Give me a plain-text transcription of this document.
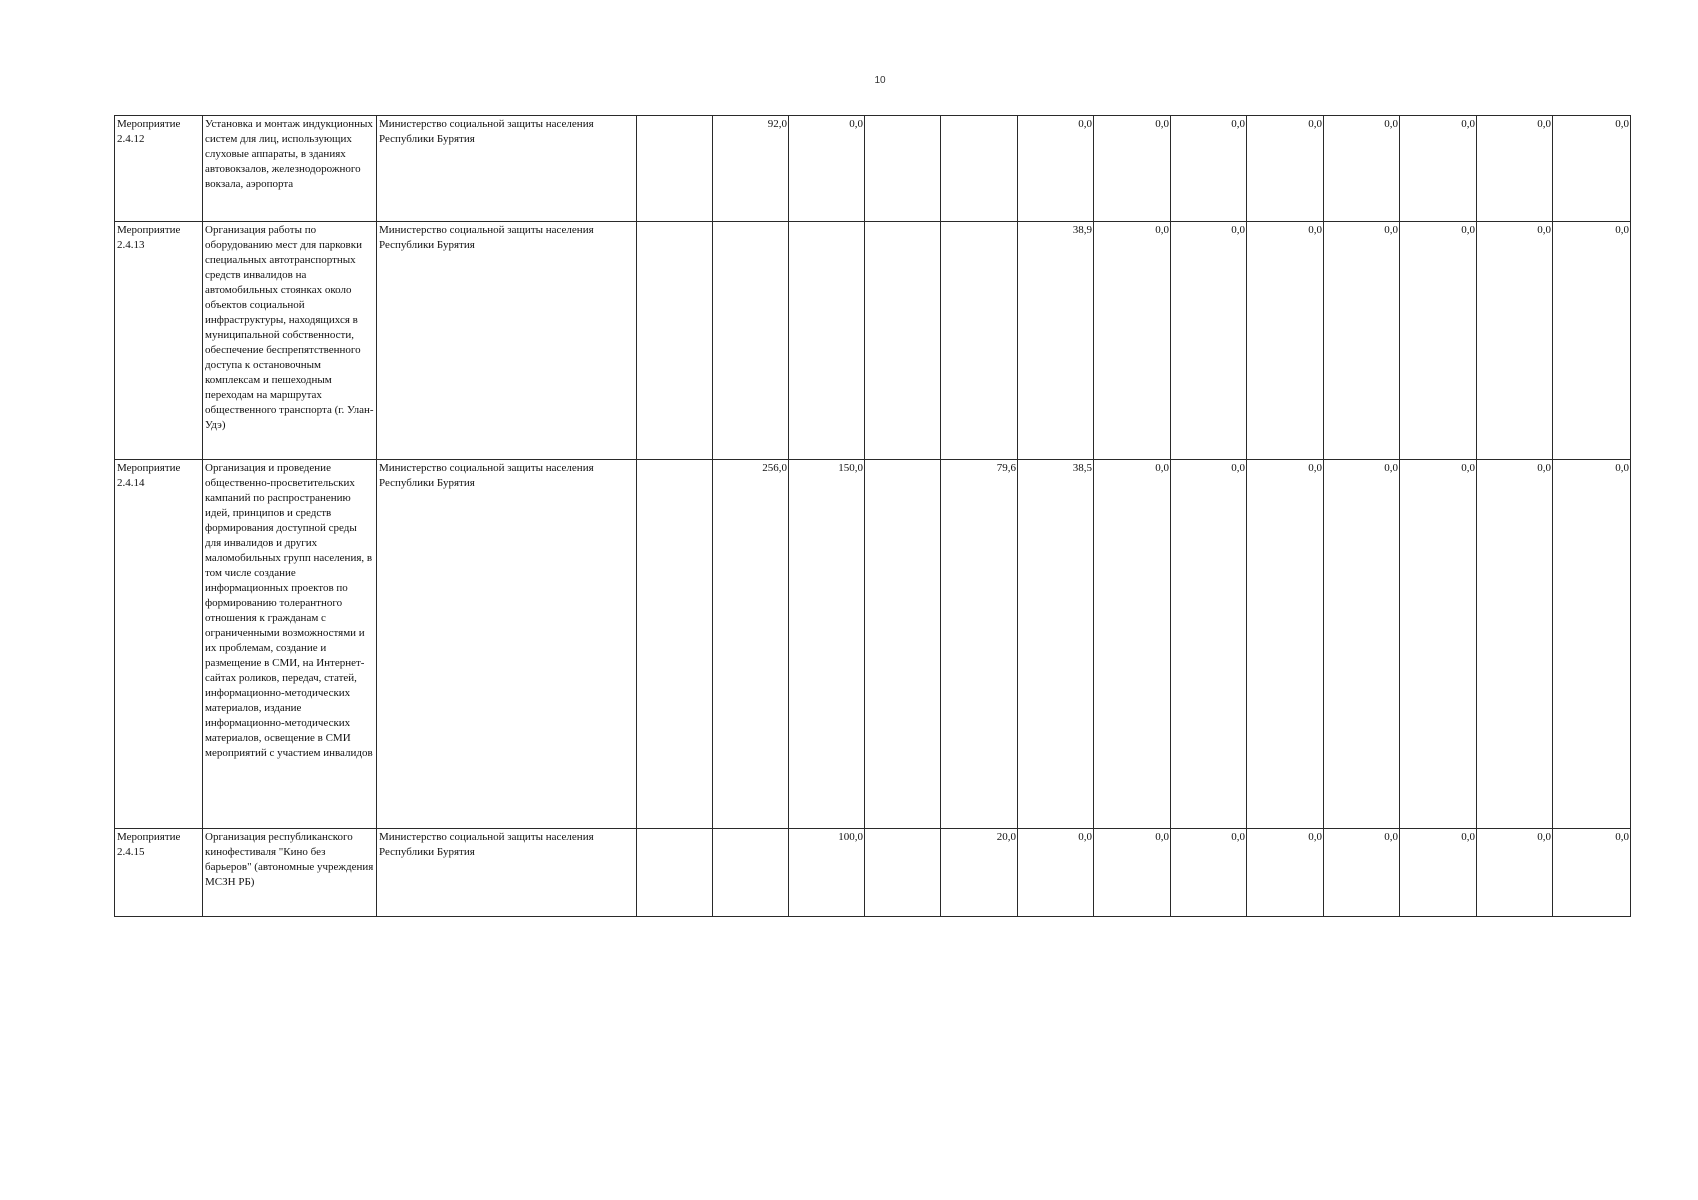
10
Мероприятие 2.4.12	Установка и монтаж индукционных систем для лиц, использующих слуховые аппараты, в зданиях автовокзалов, железнодорожного вокзала, аэропорта	Министерство социальной защиты населения Республики Бурятия		92,0	0,0			0,0	0,0	0,0	0,0	0,0	0,0	0,0	0,0
Мероприятие 2.4.13	Организация работы по оборудованию мест для парковки специальных автотранспортных средств инвалидов на автомобильных стоянках около объектов социальной инфраструктуры, находящихся в муниципальной собственности, обеспечение беспрепятственного доступа к остановочным комплексам и пешеходным переходам на маршрутах общественного транспорта (г. Улан-Удэ)	Министерство социальной защиты населения Республики Бурятия						38,9	0,0	0,0	0,0	0,0	0,0	0,0	0,0
Мероприятие 2.4.14	Организация и проведение общественно-просветительских кампаний по распространению идей, принципов и средств формирования доступной среды для инвалидов и других маломобильных групп населения, в том числе создание информационных проектов по формированию толерантного отношения к гражданам с ограниченными возможностями и их проблемам, создание и размещение в СМИ, на Интернет-сайтах роликов, передач, статей, информационно-методических материалов, издание информационно-методических материалов, освещение в СМИ мероприятий с участием инвалидов	Министерство социальной защиты населения Республики Бурятия		256,0	150,0		79,6	38,5	0,0	0,0	0,0	0,0	0,0	0,0	0,0
Мероприятие 2.4.15	Организация республиканского кинофестиваля "Кино без барьеров" (автономные учреждения МСЗН РБ)	Министерство социальной защиты населения Республики Бурятия			100,0		20,0	0,0	0,0	0,0	0,0	0,0	0,0	0,0	0,0
